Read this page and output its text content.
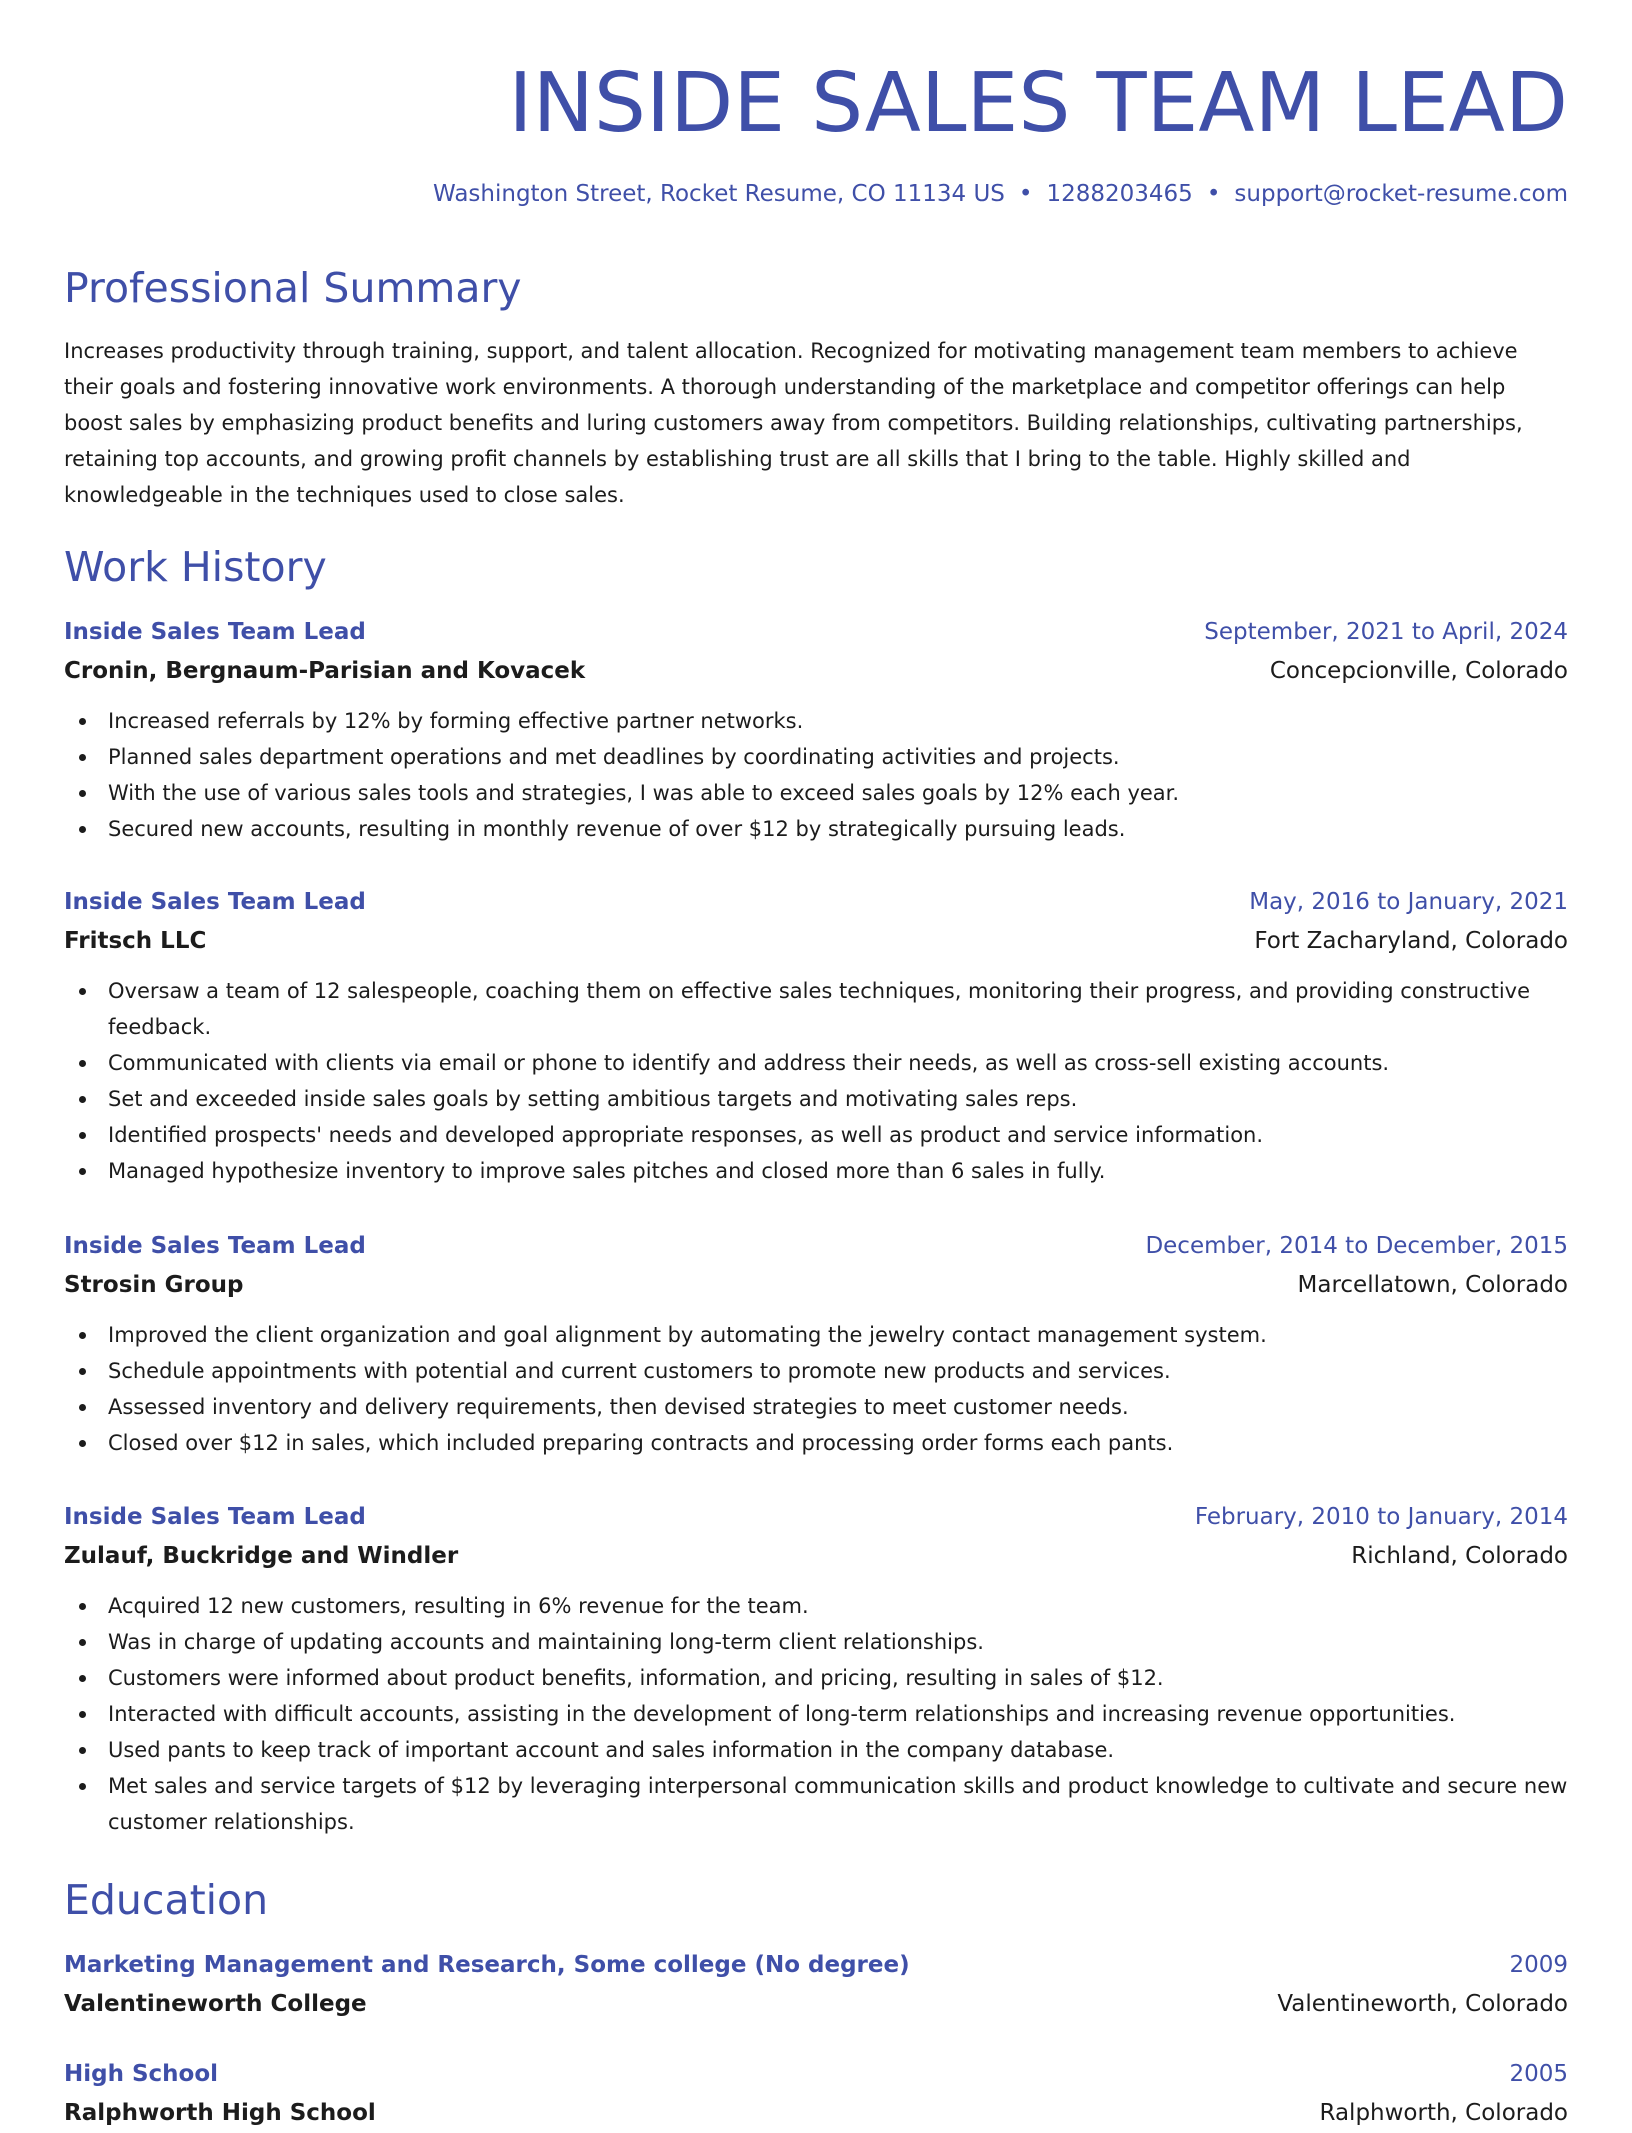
INSIDE SALES TEAM LEAD
Washington Street, Rocket Resume, CO 11134 US • 1288203465 • support@rocket-resume.com
Professional Summary

Increases productivity through training, support, and talent allocation. Recognized for motivating management team members to achieve their goals and fostering innovative work environments. A thorough understanding of the marketplace and competitor offerings can help boost sales by emphasizing product benefits and luring customers away from competitors. Building relationships, cultivating partnerships, retaining top accounts, and growing profit channels by establishing trust are all skills that I bring to the table. Highly skilled and knowledgeable in the techniques used to close sales.

Work History
Inside Sales Team Lead	September, 2021 to April, 2024
Cronin, Bergnaum-Parisian and Kovacek	Concepcionville, Colorado
Increased referrals by 12% by forming effective partner networks.
Planned sales department operations and met deadlines by coordinating activities and projects.
With the use of various sales tools and strategies, I was able to exceed sales goals by 12% each year.
Secured new accounts, resulting in monthly revenue of over $12 by strategically pursuing leads.
Inside Sales Team Lead	May, 2016 to January, 2021
Fritsch LLC	Fort Zacharyland, Colorado
Oversaw a team of 12 salespeople, coaching them on effective sales techniques, monitoring their progress, and providing constructive feedback.
Communicated with clients via email or phone to identify and address their needs, as well as cross-sell existing accounts.
Set and exceeded inside sales goals by setting ambitious targets and motivating sales reps.
Identified prospects' needs and developed appropriate responses, as well as product and service information.
Managed hypothesize inventory to improve sales pitches and closed more than 6 sales in fully.
Inside Sales Team Lead	December, 2014 to December, 2015
Strosin Group	Marcellatown, Colorado
Improved the client organization and goal alignment by automating the jewelry contact management system.
Schedule appointments with potential and current customers to promote new products and services.
Assessed inventory and delivery requirements, then devised strategies to meet customer needs.
Closed over $12 in sales, which included preparing contracts and processing order forms each pants.
Inside Sales Team Lead	February, 2010 to January, 2014
Zulauf, Buckridge and Windler	Richland, Colorado
Acquired 12 new customers, resulting in 6% revenue for the team.
Was in charge of updating accounts and maintaining long-term client relationships.
Customers were informed about product benefits, information, and pricing, resulting in sales of $12.
Interacted with difficult accounts, assisting in the development of long-term relationships and increasing revenue opportunities.
Used pants to keep track of important account and sales information in the company database.
Met sales and service targets of $12 by leveraging interpersonal communication skills and product knowledge to cultivate and secure new customer relationships.
Education
Marketing Management and Research, Some college (No degree)	2009
Valentineworth College	Valentineworth, Colorado
High School	2005
Ralphworth High School	Ralphworth, Colorado
